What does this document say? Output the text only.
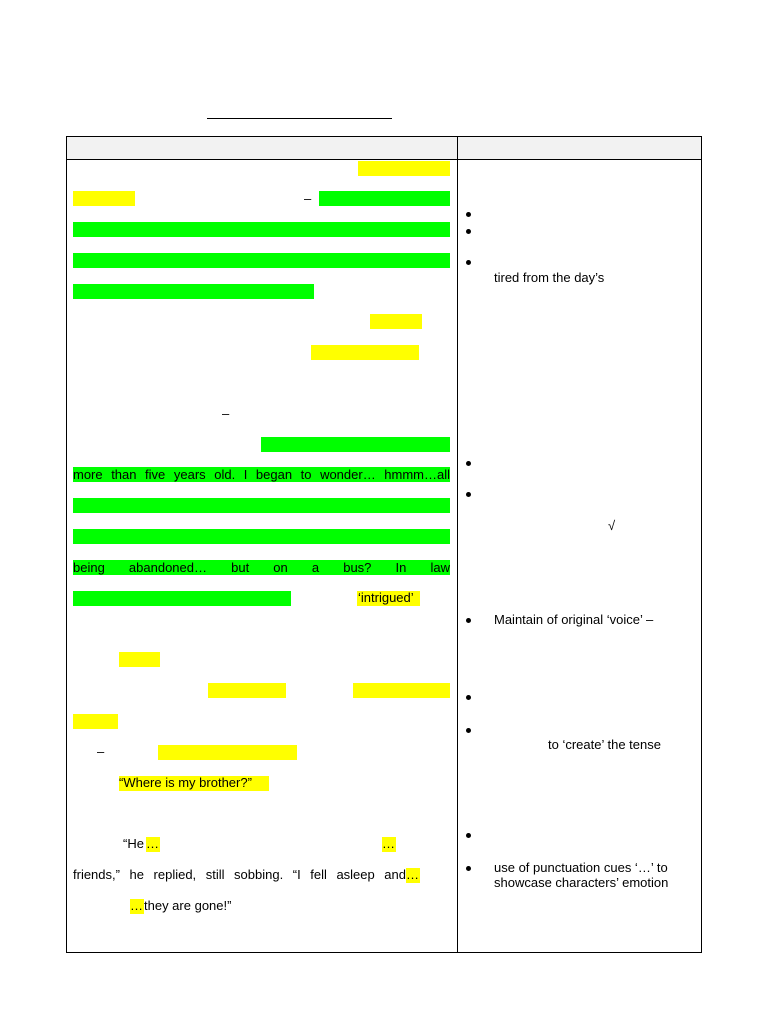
–
–
more than five years old. I began to wonder… hmmm…all
being abandoned… but on a bus? In law
‘intrigued’
–
“Where is my brother?”
“He …	…
friends,” he replied, still sobbing. “I fell asleep and …
… they are gone!”
tired from the day’s
√
Maintain of original ‘voice’ –
to ‘create’ the tense
use of punctuation cues ‘…’ to
showcase characters’ emotion
